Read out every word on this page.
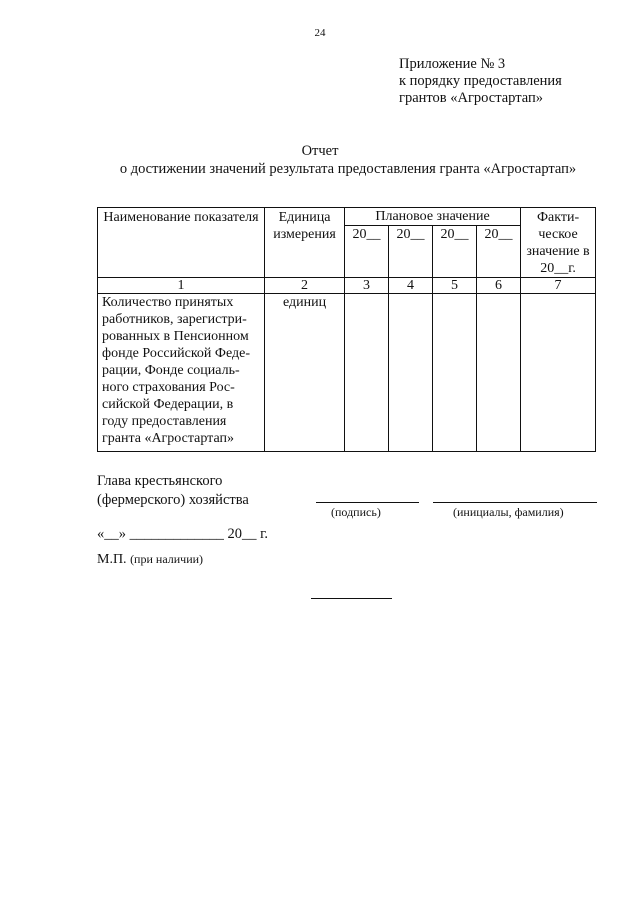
24
Приложение № 3
к порядку предоставления
грантов «Агростартап»
Отчет
о достижении значений результата предоставления гранта «Агростартап»
Наименование показателя	Единица измерения	Плановое значение				Факти-ческое значение в 20__г.
		20__	20__	20__	20__	
1	2	3	4	5	6	7
Количество принятых работников, зарегистри-рованных в Пенсионном фонде Российской Феде-рации, Фонде социаль-ного страхования Рос-сийской Федерации, в году предоставления гранта «Агростартап»	единиц					
Глава крестьянского
(фермерского) хозяйства
(подпись)	(инициалы, фамилия)
«__» _____________ 20__ г.
М.П. (при наличии)
